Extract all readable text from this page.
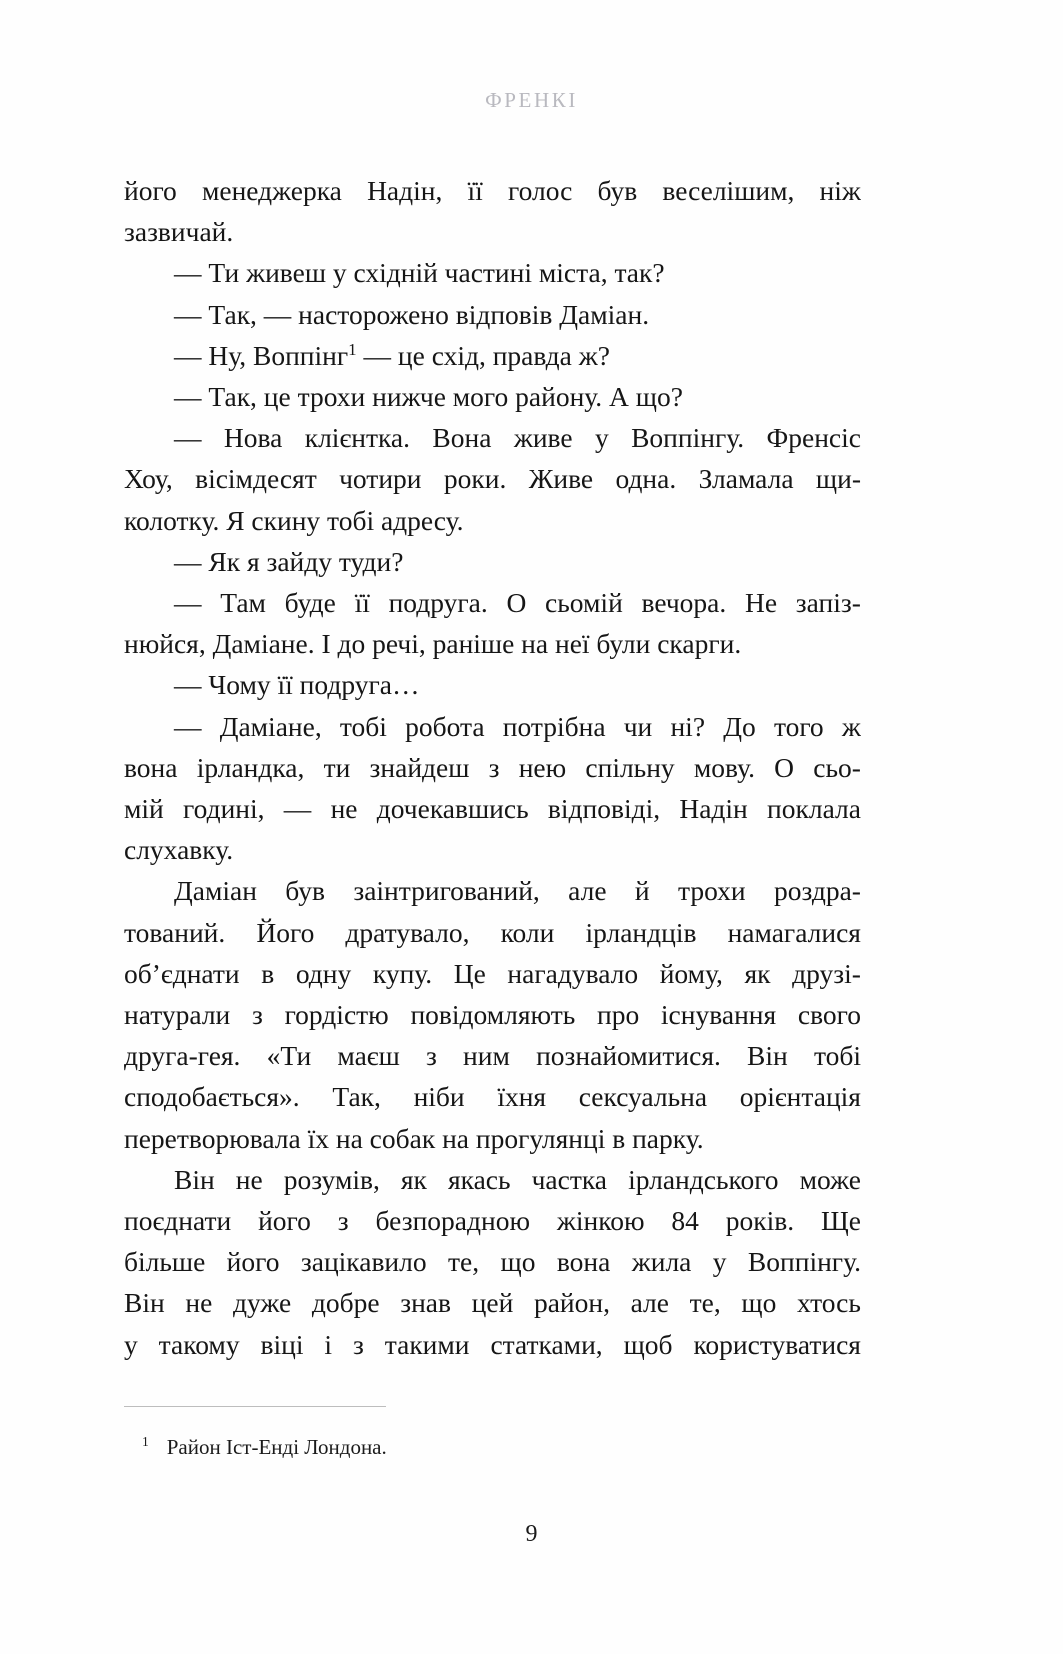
ФРЕНКІ

його менеджерка Надін, її голос був веселішим, ніж
зазвичай.

— Ти живеш у східній частині міста, так?

— Так, — насторожено відповів Даміан.

— Ну, Воппінг$^1$ — це схід, правда ж?

— Так, це трохи нижче мого району. А що?

— Нова клієнтка. Вона живе у Воппінгу. Френсіс
Хоу, вісімдесят чотири роки. Живе одна. Зламала щи-
колотку. Я скину тобі адресу.

— Як я зайду туди?

— Там буде її подруга. О сьомій вечора. Не запіз-
нюйся, Даміане. І до речі, раніше на неї були скарги.

— Чому її подруга…

— Даміане, тобі робота потрібна чи ні? До того ж
вона ірландка, ти знайдеш з нею спільну мову. О сьо-
мій годині, — не дочекавшись відповіді, Надін поклала
слухавку.

Даміан був заінтригований, але й трохи роздра-
тований. Його дратувало, коли ірландців намагалися
об’єднати в одну купу. Це нагадувало йому, як друзі-
натурали з гордістю повідомляють про існування свого
друга-гея. «Ти маєш з ним познайомитися. Він тобі
сподобається». Так, ніби їхня сексуальна орієнтація
перетворювала їх на собак на прогулянці в парку.

Він не розумів, як якась частка ірландського може
поєднати його з безпорадною жінкою 84 років. Ще
більше його зацікавило те, що вона жила у Воппінгу.
Він не дуже добре знав цей район, але те, що хтось
у такому віці і з такими статками, щоб користуватися

$^1$ Район Іст-Енді Лондона.
9
